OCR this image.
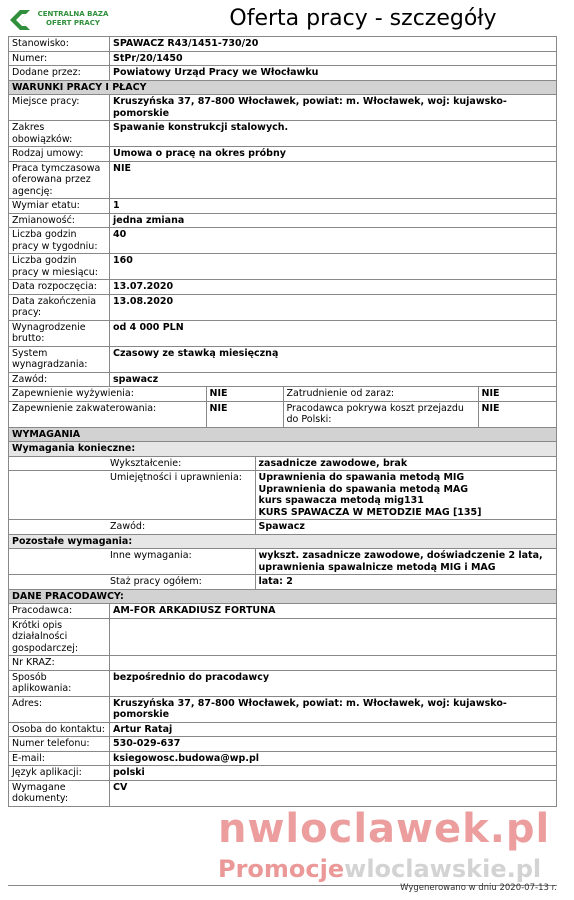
CENTRALNA BAZA
OFERT PRACY	Oferta pracy - szczegóły
Stanowisko:	SPAWACZ R43/1451-730/20
Numer:	StPr/20/1450
Dodane przez:	Powiatowy Urząd Pracy we Włocławku
WARUNKI PRACY I PŁACY
Miejsce pracy:	Kruszyńska 37, 87-800 Włocławek, powiat: m. Włocławek, woj: kujawsko-pomorskie
Zakres obowiązków:	Spawanie konstrukcji stalowych.
Rodzaj umowy:	Umowa o pracę na okres próbny
Praca tymczasowa oferowana przez agencję:	NIE
Wymiar etatu:	1
Zmianowość:	jedna zmiana
Liczba godzin pracy w tygodniu:	40
Liczba godzin pracy w miesiącu:	160
Data rozpoczęcia:	13.07.2020
Data zakończenia pracy:	13.08.2020
Wynagrodzenie brutto:	od 4 000 PLN
System wynagradzania:	Czasowy ze stawką miesięczną
Zawód:	spawacz

Zapewnienie wyżywienia:	NIE	Zatrudnienie od zaraz:	NIE

Zapewnienie zakwaterowania:	NIE	Pracodawca pokrywa koszt przejazdu do Polski:	NIE

WYMAGANIA
Wymagania konieczne:

	Wykształcenie:	zasadnicze zawodowe, brak

	Umiejętności i uprawnienia:	Uprawnienia do spawania metodą MIG
Uprawnienia do spawania metodą MAG
kurs spawacza metodą mig131
KURS SPAWACZA W METODZIE MAG [135]

	Zawód:	Spawacz

Pozostałe wymagania:

	Inne wymagania:	wykszt. zasadnicze zawodowe, doświadczenie 2 lata, uprawnienia spawalnicze metodą MIG i MAG

	Staż pracy ogółem:	lata: 2

DANE PRACODAWCY:
Pracodawca:	AM-FOR ARKADIUSZ FORTUNA
Krótki opis działalności gospodarczej:	
Nr KRAZ:	
Sposób aplikowania:	bezpośrednio do pracodawcy
Adres:	Kruszyńska 37, 87-800 Włocławek, powiat: m. Włocławek, woj: kujawsko-pomorskie
Osoba do kontaktu:	Artur Rataj
Numer telefonu:	530-029-637
E-mail:	ksiegowosc.budowa@wp.pl
Język aplikacji:	polski
Wymagane dokumenty:	CV
nwloclawek.pl
Promocjewloclawskie.pl
Wygenerowano w dniu 2020-07-13 r.
